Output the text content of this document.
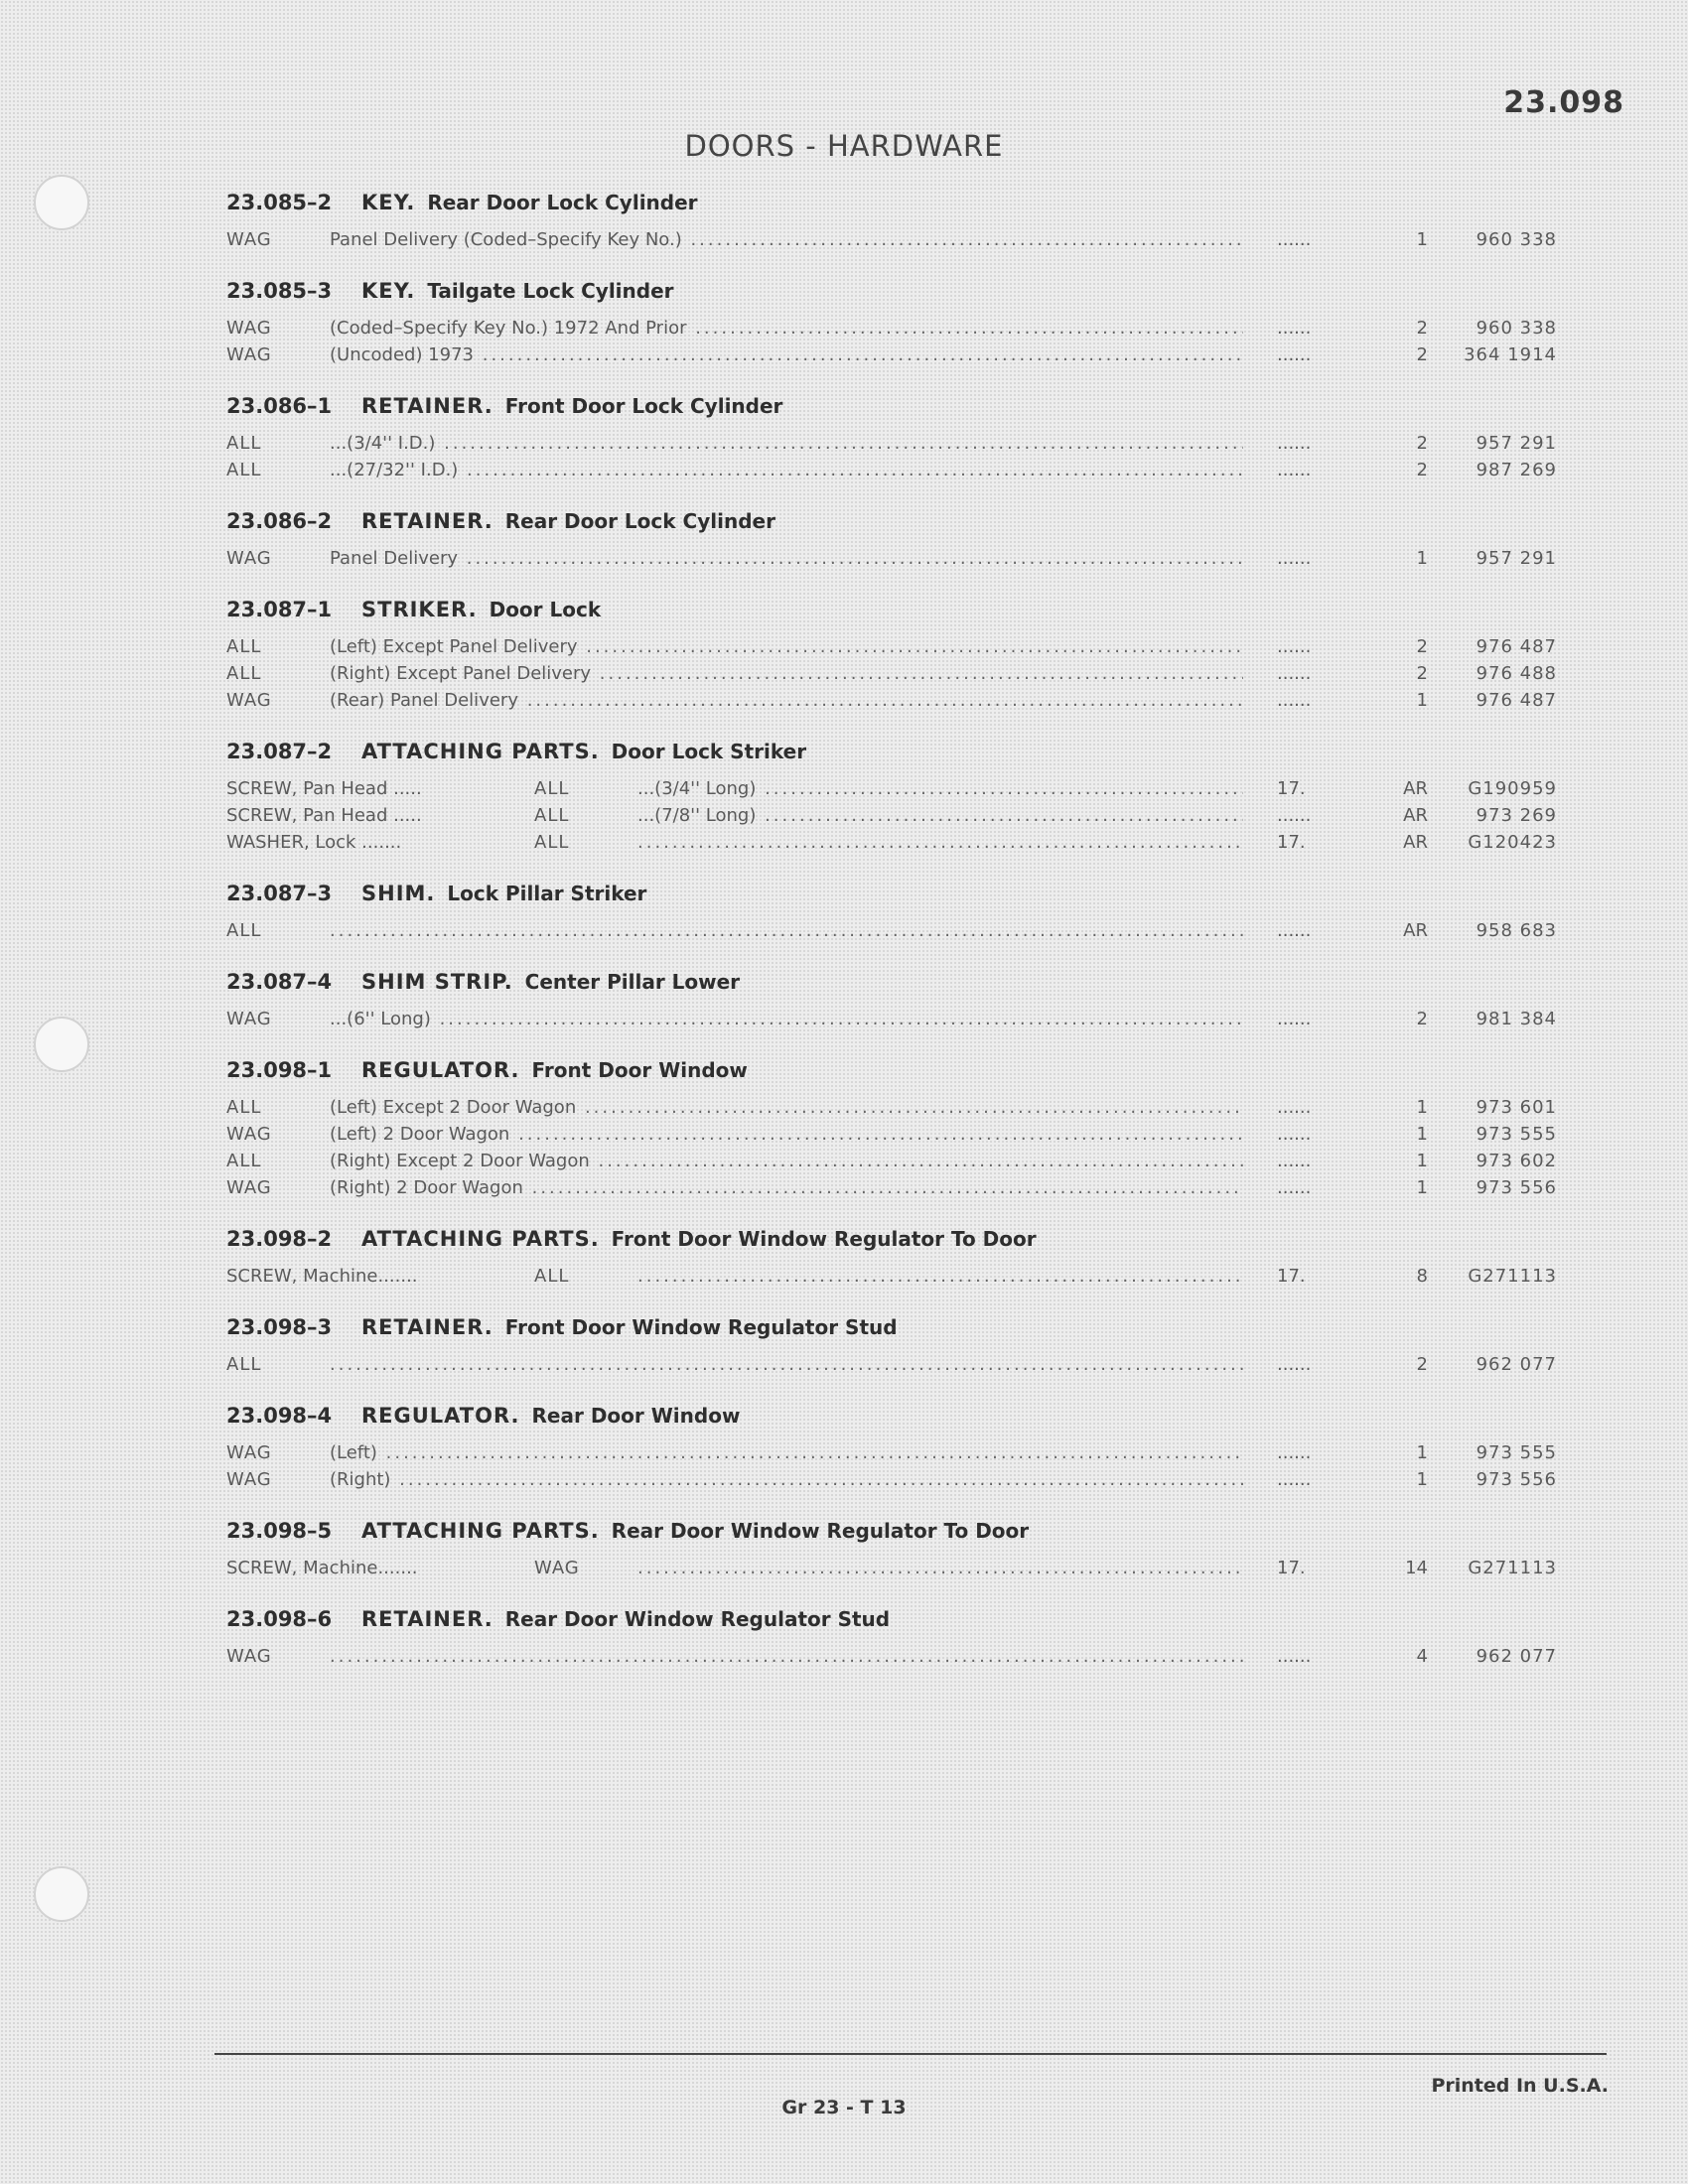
23.098
DOORS - HARDWARE
23.085–2	KEY. Rear Door Lock Cylinder
WAG	Panel Delivery (Coded–Specify Key No.) .....	......	1	960 338
23.085–3	KEY. Tailgate Lock Cylinder
WAG	(Coded–Specify Key No.) 1972 And Prior .....	......	2	960 338
WAG	(Uncoded) 1973 .....	......	2	364 1914
23.086–1	RETAINER. Front Door Lock Cylinder
ALL	...(3/4'' I.D.) .....	......	2	957 291
ALL	...(27/32'' I.D.) .....	......	2	987 269
23.086–2	RETAINER. Rear Door Lock Cylinder
WAG	Panel Delivery .....	......	1	957 291
23.087–1	STRIKER. Door Lock
ALL	(Left) Except Panel Delivery .....	......	2	976 487
ALL	(Right) Except Panel Delivery .....	......	2	976 488
WAG	(Rear) Panel Delivery .....	......	1	976 487
23.087–2	ATTACHING PARTS. Door Lock Striker
SCREW, Pan Head .....	ALL	...(3/4'' Long) .....	17.	AR	G190959
SCREW, Pan Head .....	ALL	...(7/8'' Long) .....	......	AR	973 269
WASHER, Lock .......	ALL .....	17.	AR	G120423
23.087–3	SHIM. Lock Pillar Striker
ALL .....	......	AR	958 683
23.087–4	SHIM STRIP. Center Pillar Lower
WAG	...(6'' Long) .....	......	2	981 384
23.098–1	REGULATOR. Front Door Window
ALL	(Left) Except 2 Door Wagon .....	......	1	973 601
WAG	(Left) 2 Door Wagon .....	......	1	973 555
ALL	(Right) Except 2 Door Wagon .....	......	1	973 602
WAG	(Right) 2 Door Wagon .....	......	1	973 556
23.098–2	ATTACHING PARTS. Front Door Window Regulator To Door
SCREW, Machine.......	ALL .....	17.	8	G271113
23.098–3	RETAINER. Front Door Window Regulator Stud
ALL .....	......	2	962 077
23.098–4	REGULATOR. Rear Door Window
WAG	(Left) .....	......	1	973 555
WAG	(Right) .....	......	1	973 556
23.098–5	ATTACHING PARTS. Rear Door Window Regulator To Door
SCREW, Machine.......	WAG .....	17.	14	G271113
23.098–6	RETAINER. Rear Door Window Regulator Stud
WAG .....	......	4	962 077
Printed In U.S.A.
Gr 23 - T 13
